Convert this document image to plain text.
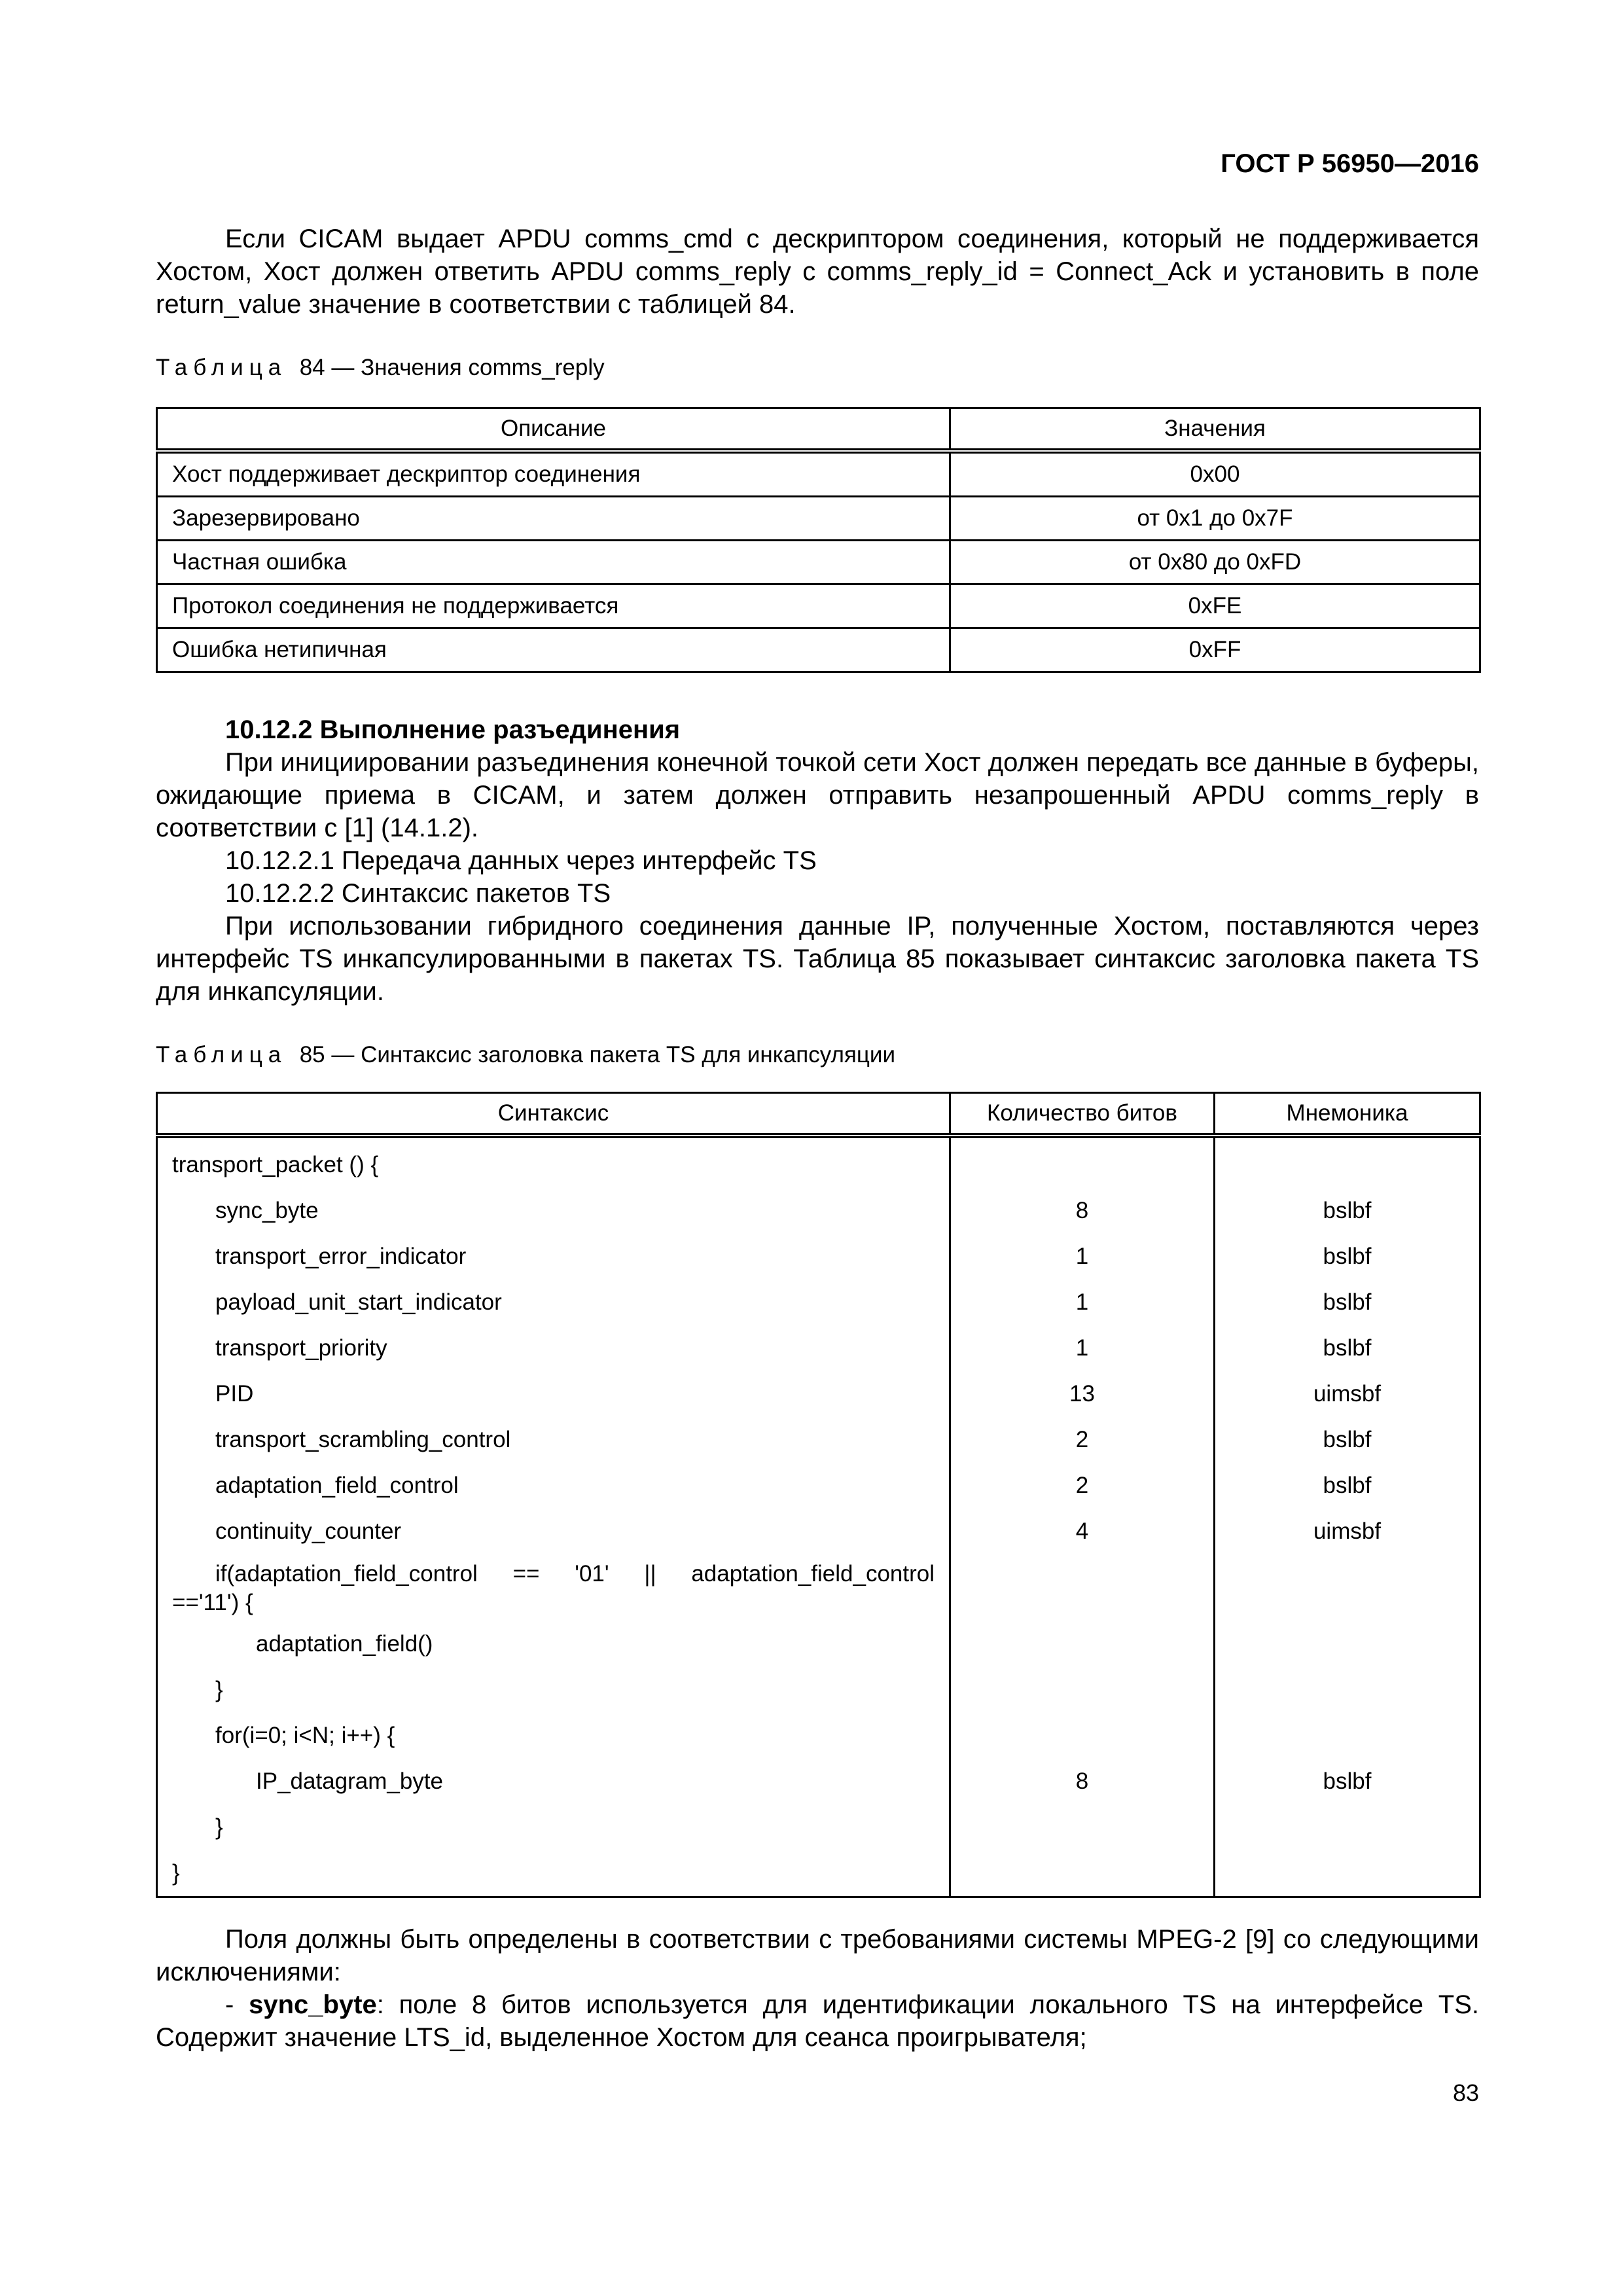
ГОСТ Р 56950—2016

Если CICAM выдает APDU comms_cmd с дескриптором соединения, который не поддерживается Хостом, Хост должен ответить APDU comms_reply с comms_reply_id = Connect_Ack и установить в поле return_value значение в соответствии с таблицей 84.

Таблица 84 — Значения comms_reply

Описание	Значения
Хост поддерживает дескриптор соединения	0x00
Зарезервировано	от 0x1 до 0x7F
Частная ошибка	от 0x80 до 0xFD
Протокол соединения не поддерживается	0xFE
Ошибка нетипичная	0xFF

10.12.2 Выполнение разъединения

При инициировании разъединения конечной точкой сети Хост должен передать все данные в буферы, ожидающие приема в CICAM, и затем должен отправить незапрошенный APDU comms_reply в соответствии с [1] (14.1.2).

10.12.2.1 Передача данных через интерфейс TS

10.12.2.2 Синтаксис пакетов TS

При использовании гибридного соединения данные IP, полученные Хостом, поставляются через интерфейс TS инкапсулированными в пакетах TS. Таблица 85 показывает синтаксис заголовка пакета TS для инкапсуляции.

Таблица 85 — Синтаксис заголовка пакета TS для инкапсуляции

Синтаксис	Количество битов	Мнемоника
transport_packet () {		
sync_byte	8	bslbf
transport_error_indicator	1	bslbf
payload_unit_start_indicator	1	bslbf
transport_priority	1	bslbf
PID	13	uimsbf
transport_scrambling_control	2	bslbf
adaptation_field_control	2	bslbf
continuity_counter	4	uimsbf

if(adaptation_field_control == '01' || adaptation_field_control
=='11') {		
adaptation_field()		
}		
for(i=0; i<N; i++) {		
IP_datagram_byte	8	bslbf
}		
}		

Поля должны быть определены в соответствии с требованиями системы MPEG-2 [9] со следующими исключениями:

- sync_byte: поле 8 битов используется для идентификации локального TS на интерфейсе TS. Содержит значение LTS_id, выделенное Хостом для сеанса проигрывателя;

83
